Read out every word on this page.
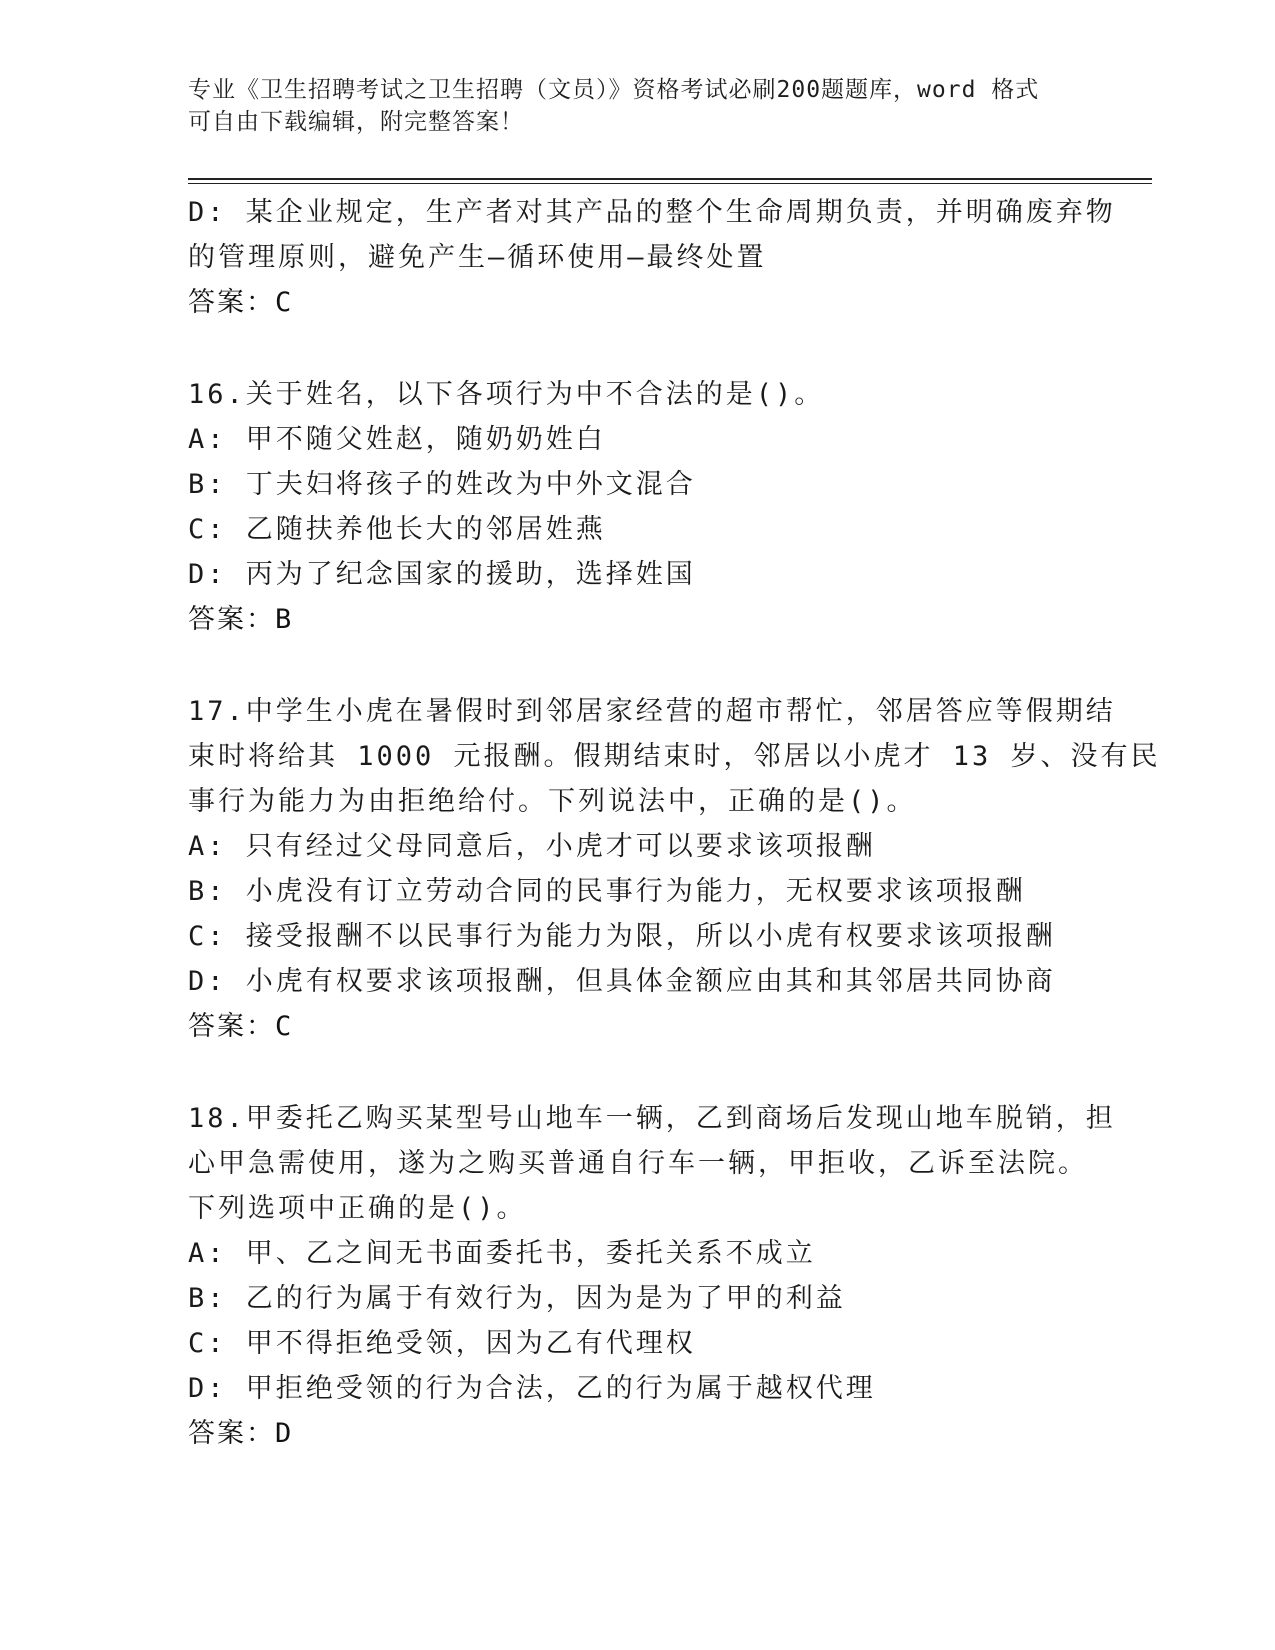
专业《卫生招聘考试之卫生招聘（文员）》资格考试必刷200题题库，word 格式
可自由下载编辑，附完整答案！
D: 某企业规定，生产者对其产品的整个生命周期负责，并明确废弃物
的管理原则，避免产生—循环使用—最终处置
答案：C
16.关于姓名，以下各项行为中不合法的是()。
A: 甲不随父姓赵，随奶奶姓白
B: 丁夫妇将孩子的姓改为中外文混合
C: 乙随扶养他长大的邻居姓燕
D: 丙为了纪念国家的援助，选择姓国
答案：B
17.中学生小虎在暑假时到邻居家经营的超市帮忙，邻居答应等假期结
束时将给其 1000 元报酬。假期结束时，邻居以小虎才 13 岁、没有民
事行为能力为由拒绝给付。下列说法中，正确的是()。
A: 只有经过父母同意后，小虎才可以要求该项报酬
B: 小虎没有订立劳动合同的民事行为能力，无权要求该项报酬
C: 接受报酬不以民事行为能力为限，所以小虎有权要求该项报酬
D: 小虎有权要求该项报酬，但具体金额应由其和其邻居共同协商
答案：C
18.甲委托乙购买某型号山地车一辆，乙到商场后发现山地车脱销，担
心甲急需使用，遂为之购买普通自行车一辆，甲拒收，乙诉至法院。
下列选项中正确的是()。
A: 甲、乙之间无书面委托书，委托关系不成立
B: 乙的行为属于有效行为，因为是为了甲的利益
C: 甲不得拒绝受领，因为乙有代理权
D: 甲拒绝受领的行为合法，乙的行为属于越权代理
答案：D
